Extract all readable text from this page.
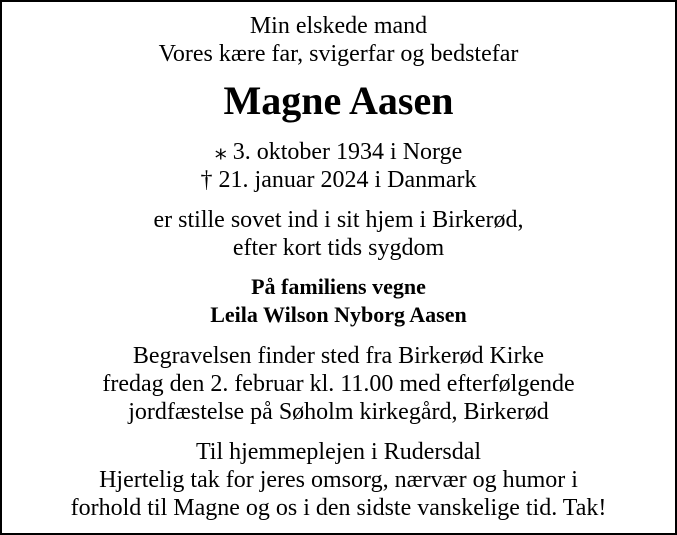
Min elskede mand
Vores kære far, svigerfar og bedstefar
Magne Aasen
⁎ 3. oktober 1934 i Norge
† 21. januar 2024 i Danmark
er stille sovet ind i sit hjem i Birkerød,
efter kort tids sygdom
På familiens vegne
Leila Wilson Nyborg Aasen
Begravelsen finder sted fra Birkerød Kirke
fredag den 2. februar kl. 11.00 med efterfølgende
jordfæstelse på Søholm kirkegård, Birkerød
Til hjemmeplejen i Rudersdal
Hjertelig tak for jeres omsorg, nærvær og humor i
forhold til Magne og os i den sidste vanskelige tid. Tak!
